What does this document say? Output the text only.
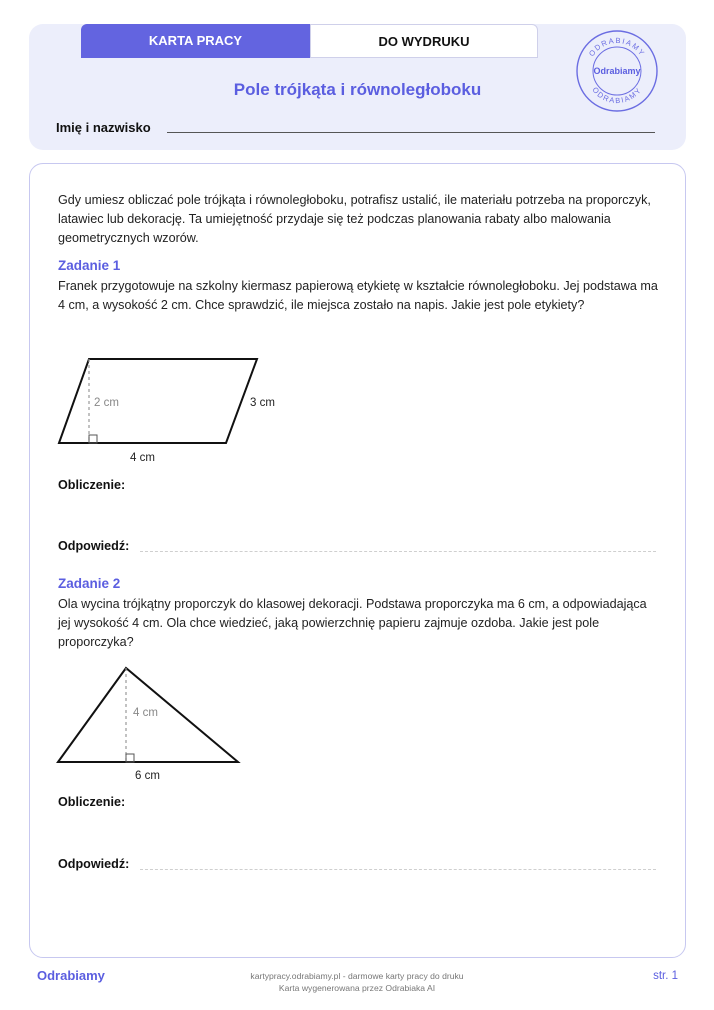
KARTA PRACY	DO WYDRUKU
Pole trójkąta i równoległoboku
Imię i nazwisko
ODRABIAMY
Odrabiamy
ODRABIAMY
Gdy umiesz obliczać pole trójkąta i równoległoboku, potrafisz ustalić, ile materiału potrzeba na proporczyk, latawiec lub dekorację. Ta umiejętność przydaje się też podczas planowania rabaty albo malowania geometrycznych wzorów.
Zadanie 1
Franek przygotowuje na szkolny kiermasz papierową etykietę w kształcie równoległoboku. Jej podstawa ma 4 cm, a wysokość 2 cm. Chce sprawdzić, ile miejsca zostało na napis. Jakie jest pole etykiety?
2 cm	3 cm
4 cm
Obliczenie:
Odpowiedź:
Zadanie 2
Ola wycina trójkątny proporczyk do klasowej dekoracji. Podstawa proporczyka ma 6 cm, a odpowiadająca jej wysokość 4 cm. Ola chce wiedzieć, jaką powierzchnię papieru zajmuje ozdoba. Jakie jest pole proporczyka?
4 cm
6 cm
Obliczenie:
Odpowiedź:
Odrabiamy	kartypracy.odrabiamy.pl - darmowe karty pracy do druku
Karta wygenerowana przez Odrabiaka AI
str. 1
